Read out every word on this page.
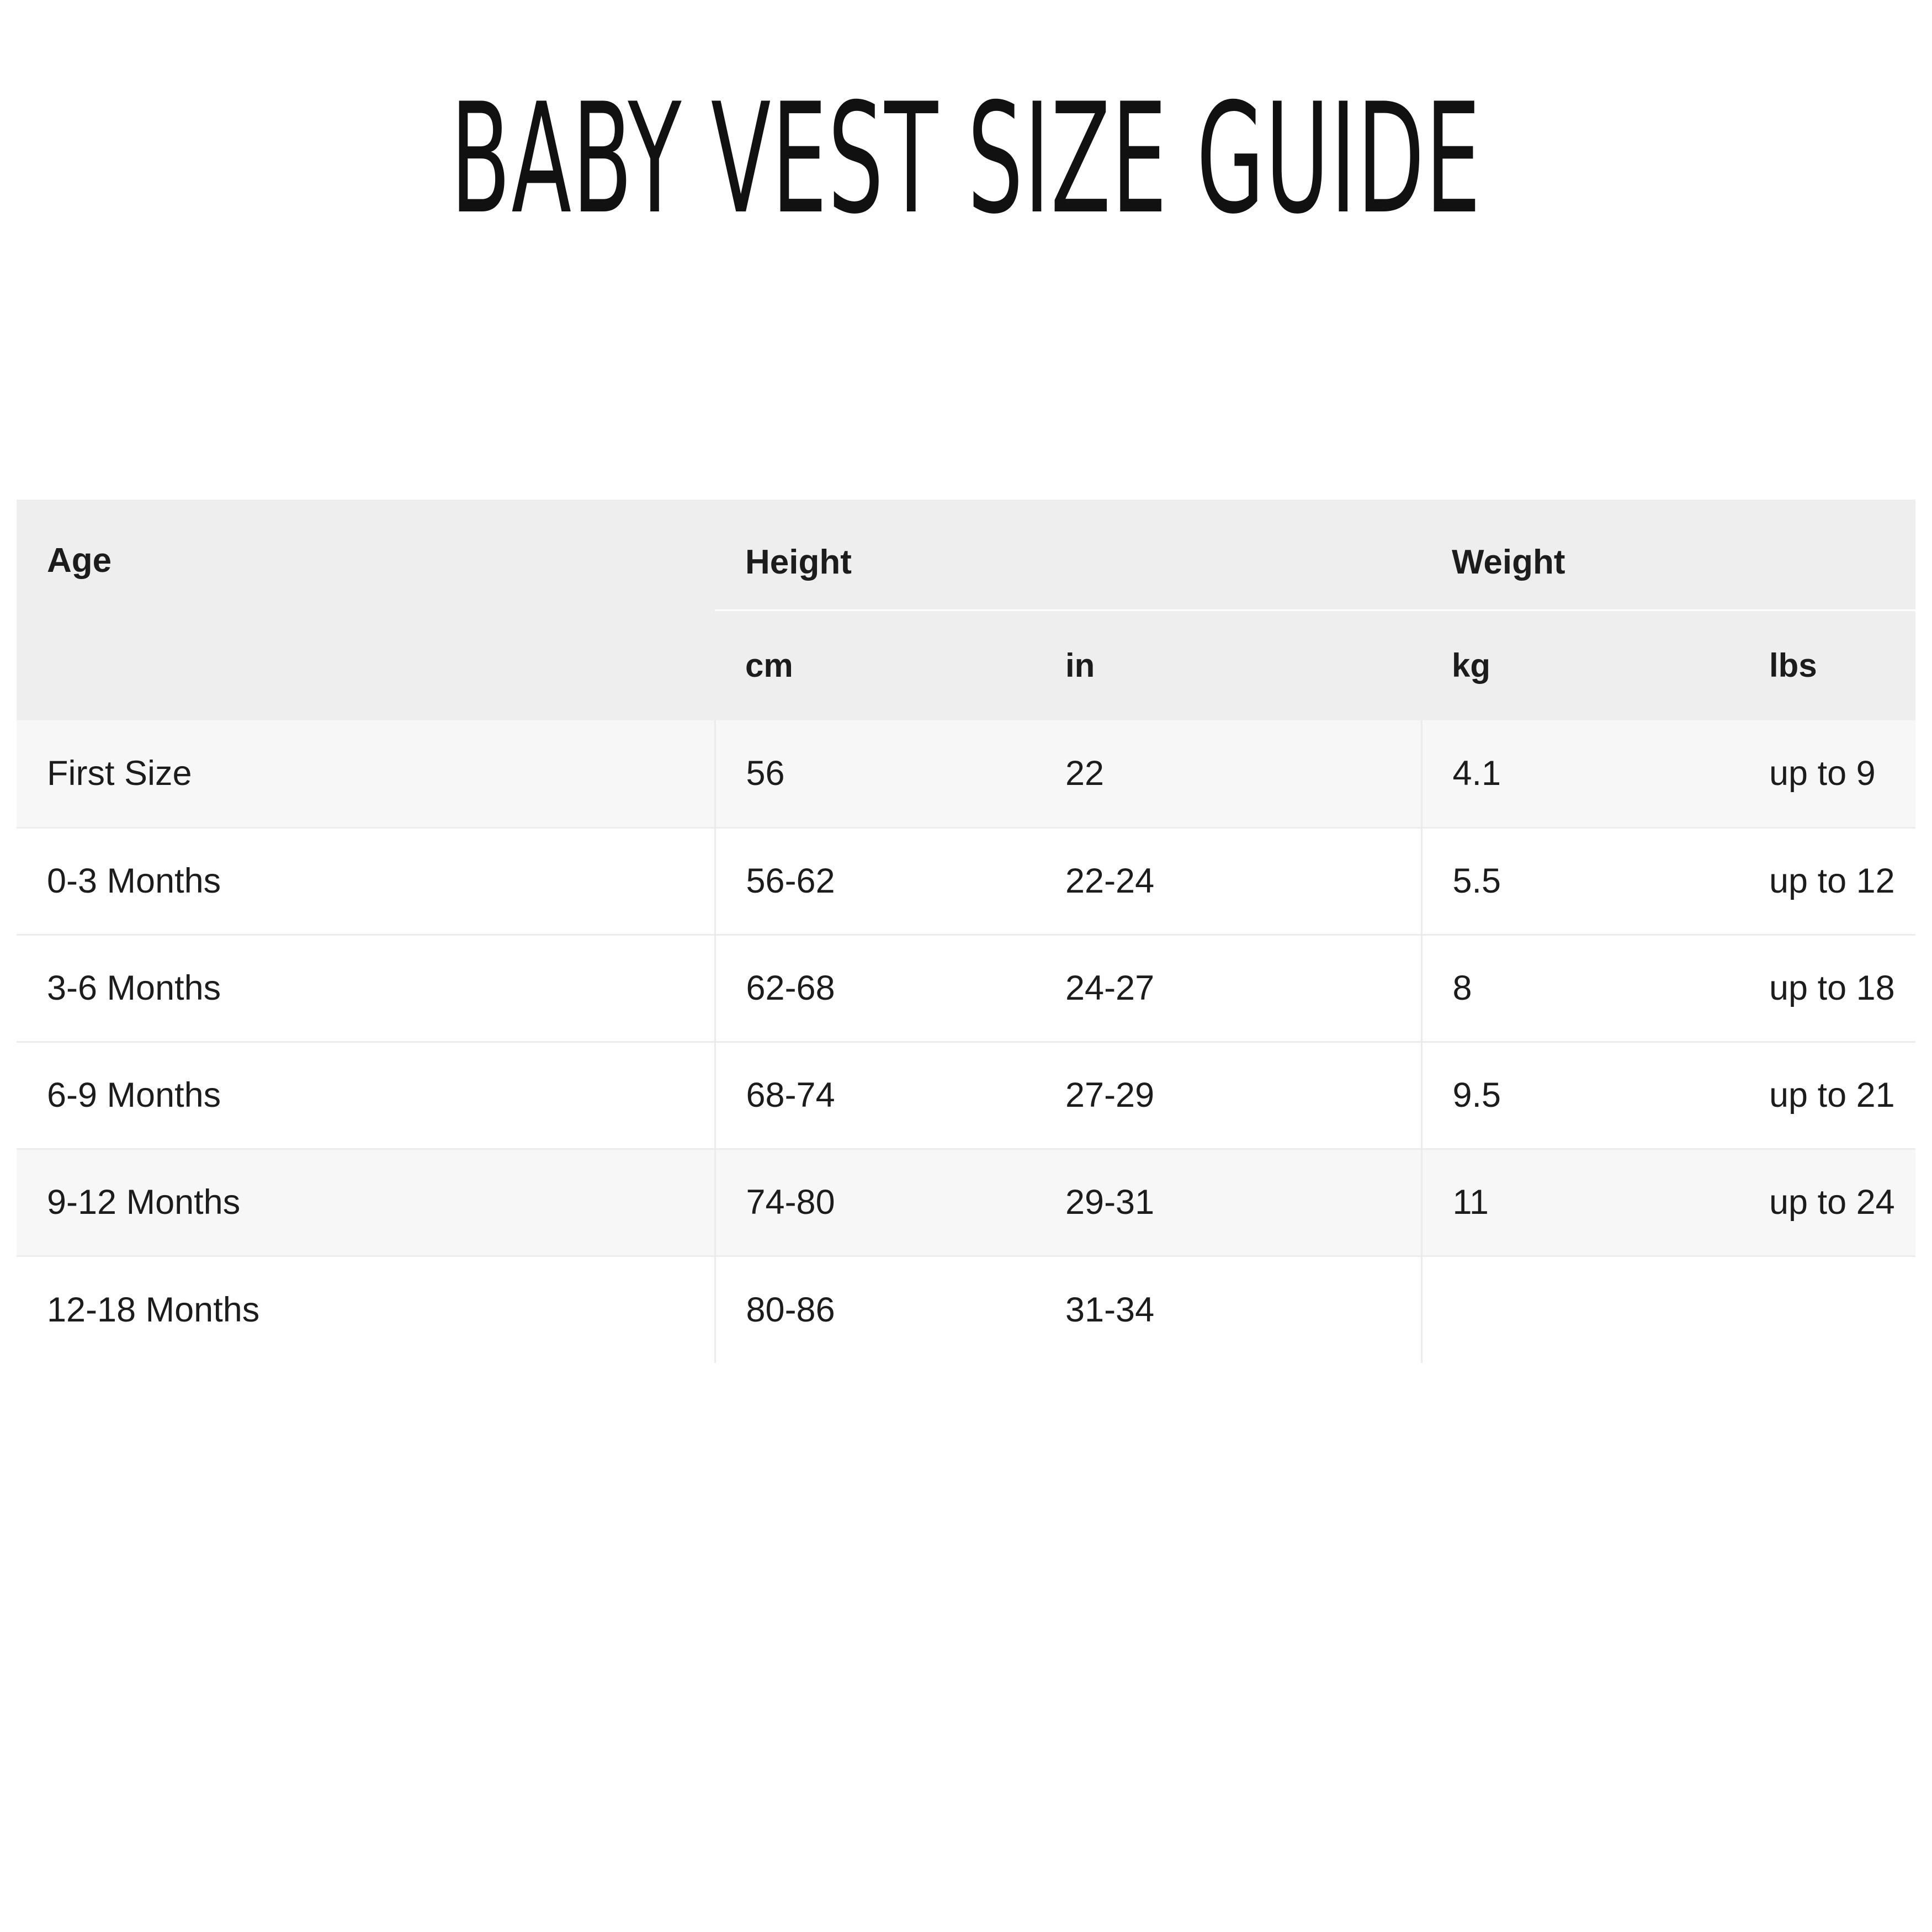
BABY VEST SIZE GUIDE
Age	Height		Weight	
	cm	in	kg	lbs
First Size	56	22	4.1	up to 9
0-3 Months	56-62	22-24	5.5	up to 12
3-6 Months	62-68	24-27	8	up to 18
6-9 Months	68-74	27-29	9.5	up to 21
9-12 Months	74-80	29-31	11	up to 24
12-18 Months	80-86	31-34		
